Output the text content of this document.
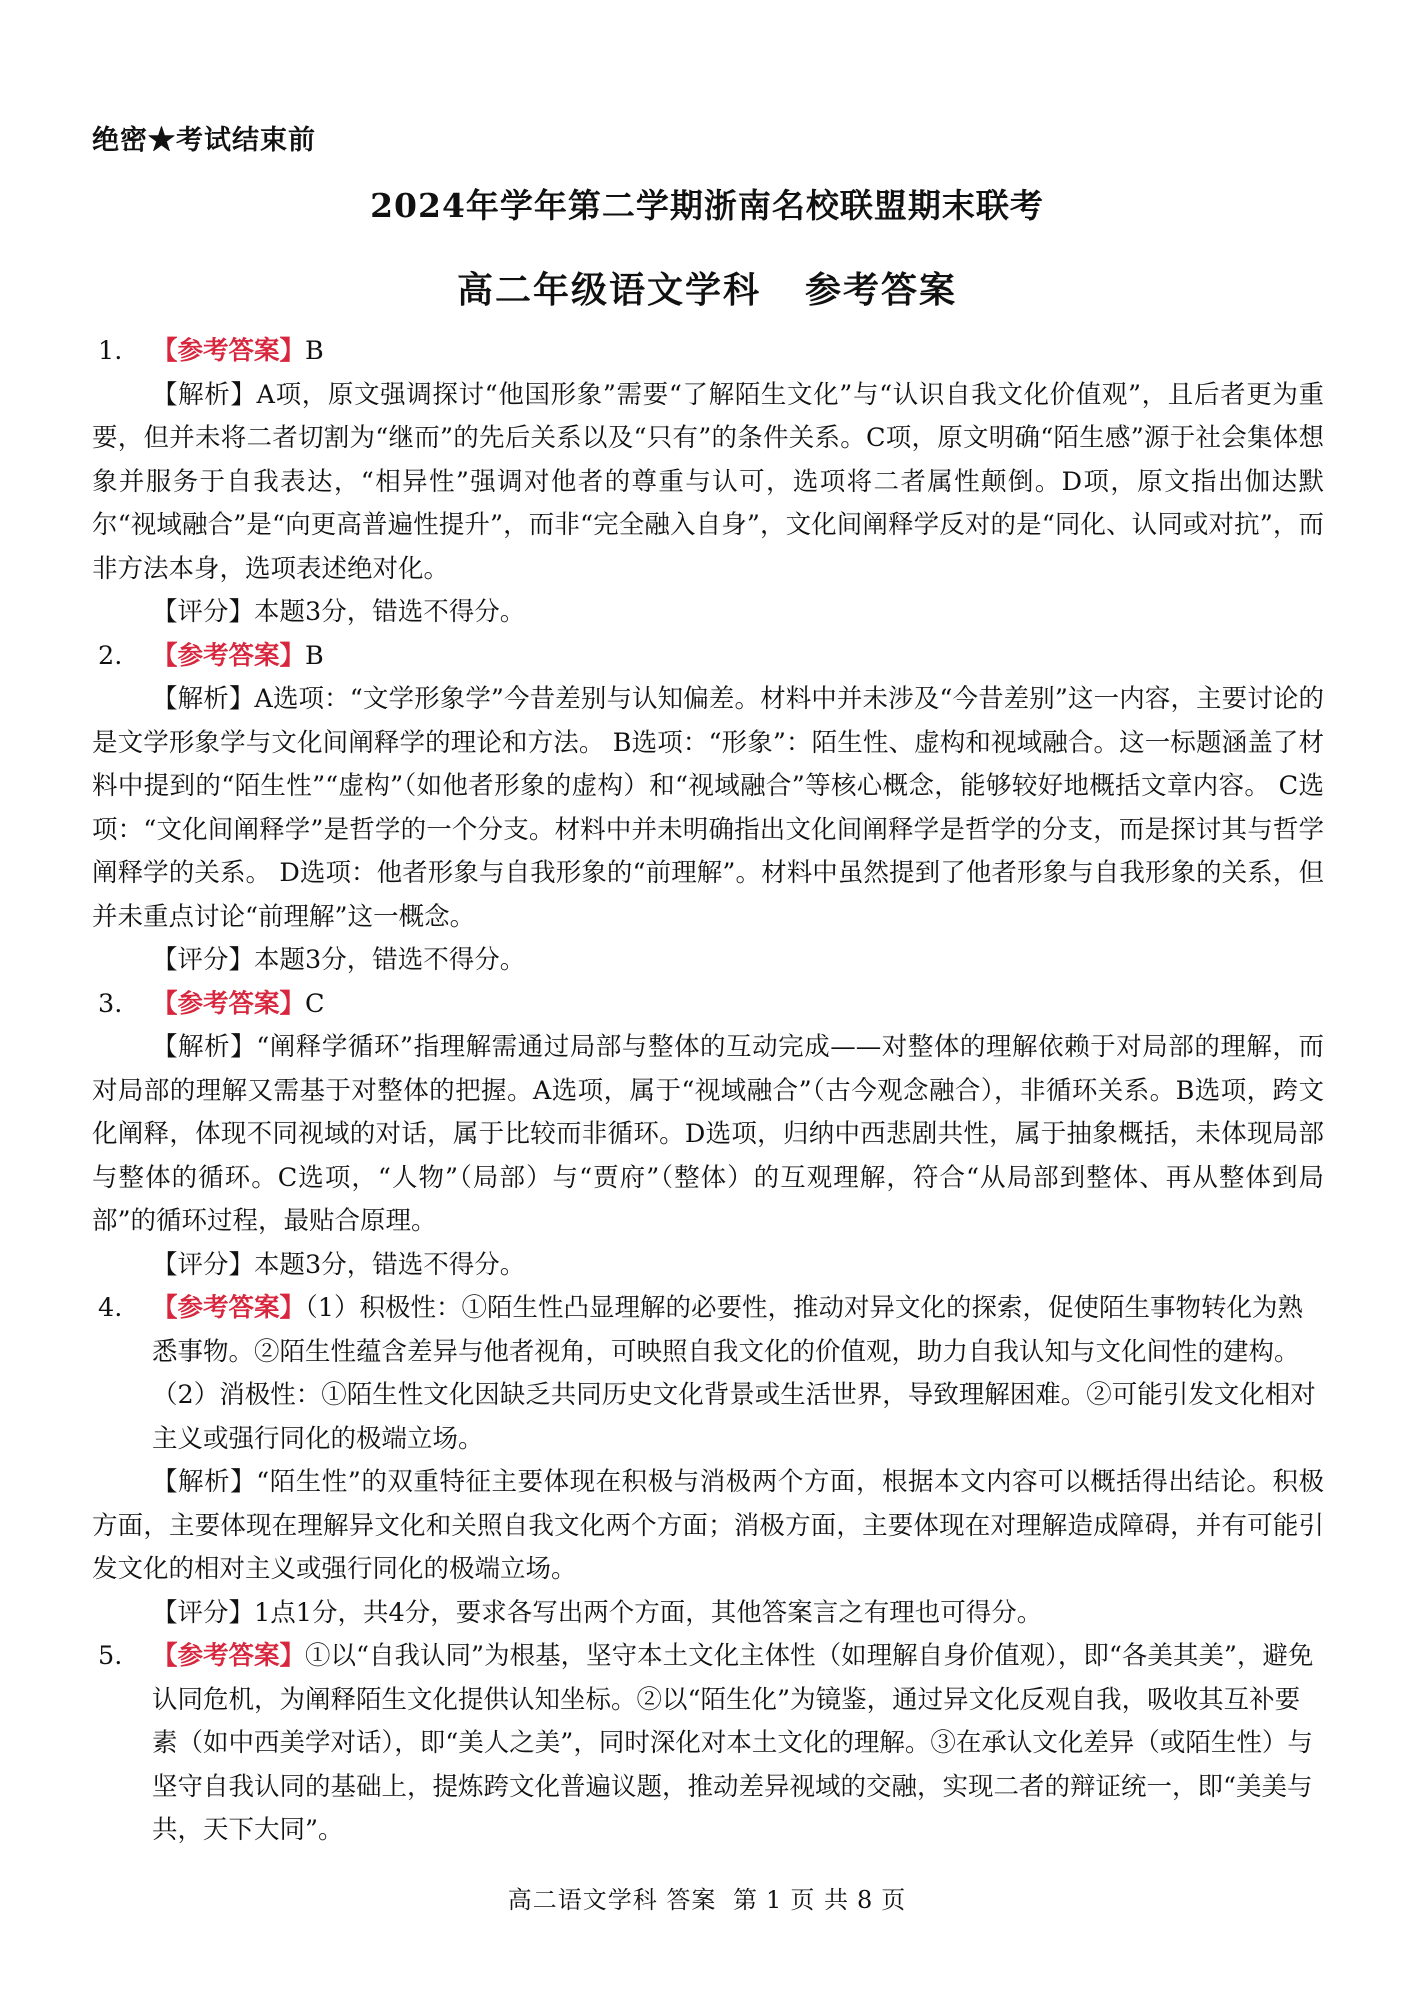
绝密★考试结束前
2024年学年第二学期浙南名校联盟期末联考
高二年级语文学科 参考答案
1. 【参考答案】B
【解析】A项，原文强调探讨“他国形象”需要“了解陌生文化”与“认识自我文化价值观”，且后者更为重要，但并未将二者切割为“继而”的先后关系以及“只有”的条件关系。C项，原文明确“陌生感”源于社会集体想象并服务于自我表达，“相异性”强调对他者的尊重与认可，选项将二者属性颠倒。D项，原文指出伽达默尔“视域融合”是“向更高普遍性提升”，而非“完全融入自身”，文化间阐释学反对的是“同化、认同或对抗”，而非方法本身，选项表述绝对化。
【评分】本题3分，错选不得分。
2. 【参考答案】B
【解析】A选项：“文学形象学”今昔差别与认知偏差。材料中并未涉及“今昔差别”这一内容，主要讨论的是文学形象学与文化间阐释学的理论和方法。 B选项：“形象”：陌生性、虚构和视域融合。这一标题涵盖了材料中提到的“陌生性”“虚构”（如他者形象的虚构）和“视域融合”等核心概念，能够较好地概括文章内容。 C选项：“文化间阐释学”是哲学的一个分支。材料中并未明确指出文化间阐释学是哲学的分支，而是探讨其与哲学阐释学的关系。 D选项：他者形象与自我形象的“前理解”。材料中虽然提到了他者形象与自我形象的关系，但并未重点讨论“前理解”这一概念。
【评分】本题3分，错选不得分。
3. 【参考答案】C
【解析】“阐释学循环”指理解需通过局部与整体的互动完成——对整体的理解依赖于对局部的理解，而对局部的理解又需基于对整体的把握。A选项，属于“视域融合”（古今观念融合），非循环关系。B选项，跨文化阐释，体现不同视域的对话，属于比较而非循环。D选项，归纳中西悲剧共性，属于抽象概括，未体现局部与整体的循环。C选项，“人物”（局部）与“贾府”（整体）的互观理解，符合“从局部到整体、再从整体到局部”的循环过程，最贴合原理。
【评分】本题3分，错选不得分。
4. 【参考答案】（1）积极性：①陌生性凸显理解的必要性，推动对异文化的探索，促使陌生事物转化为熟悉事物。②陌生性蕴含差异与他者视角，可映照自我文化的价值观，助力自我认知与文化间性的建构。（2）消极性：①陌生性文化因缺乏共同历史文化背景或生活世界，导致理解困难。②可能引发文化相对主义或强行同化的极端立场。
【解析】“陌生性”的双重特征主要体现在积极与消极两个方面，根据本文内容可以概括得出结论。积极方面，主要体现在理解异文化和关照自我文化两个方面；消极方面，主要体现在对理解造成障碍，并有可能引发文化的相对主义或强行同化的极端立场。
【评分】1点1分，共4分，要求各写出两个方面，其他答案言之有理也可得分。
5. 【参考答案】①以“自我认同”为根基，坚守本土文化主体性（如理解自身价值观），即“各美其美”，避免认同危机，为阐释陌生文化提供认知坐标。②以“陌生化”为镜鉴，通过异文化反观自我，吸收其互补要素（如中西美学对话），即“美人之美”，同时深化对本土文化的理解。③在承认文化差异（或陌生性）与坚守自我认同的基础上，提炼跨文化普遍议题，推动差异视域的交融，实现二者的辩证统一，即“美美与共，天下大同”。
高二语文学科 答案 第 1 页 共 8 页
